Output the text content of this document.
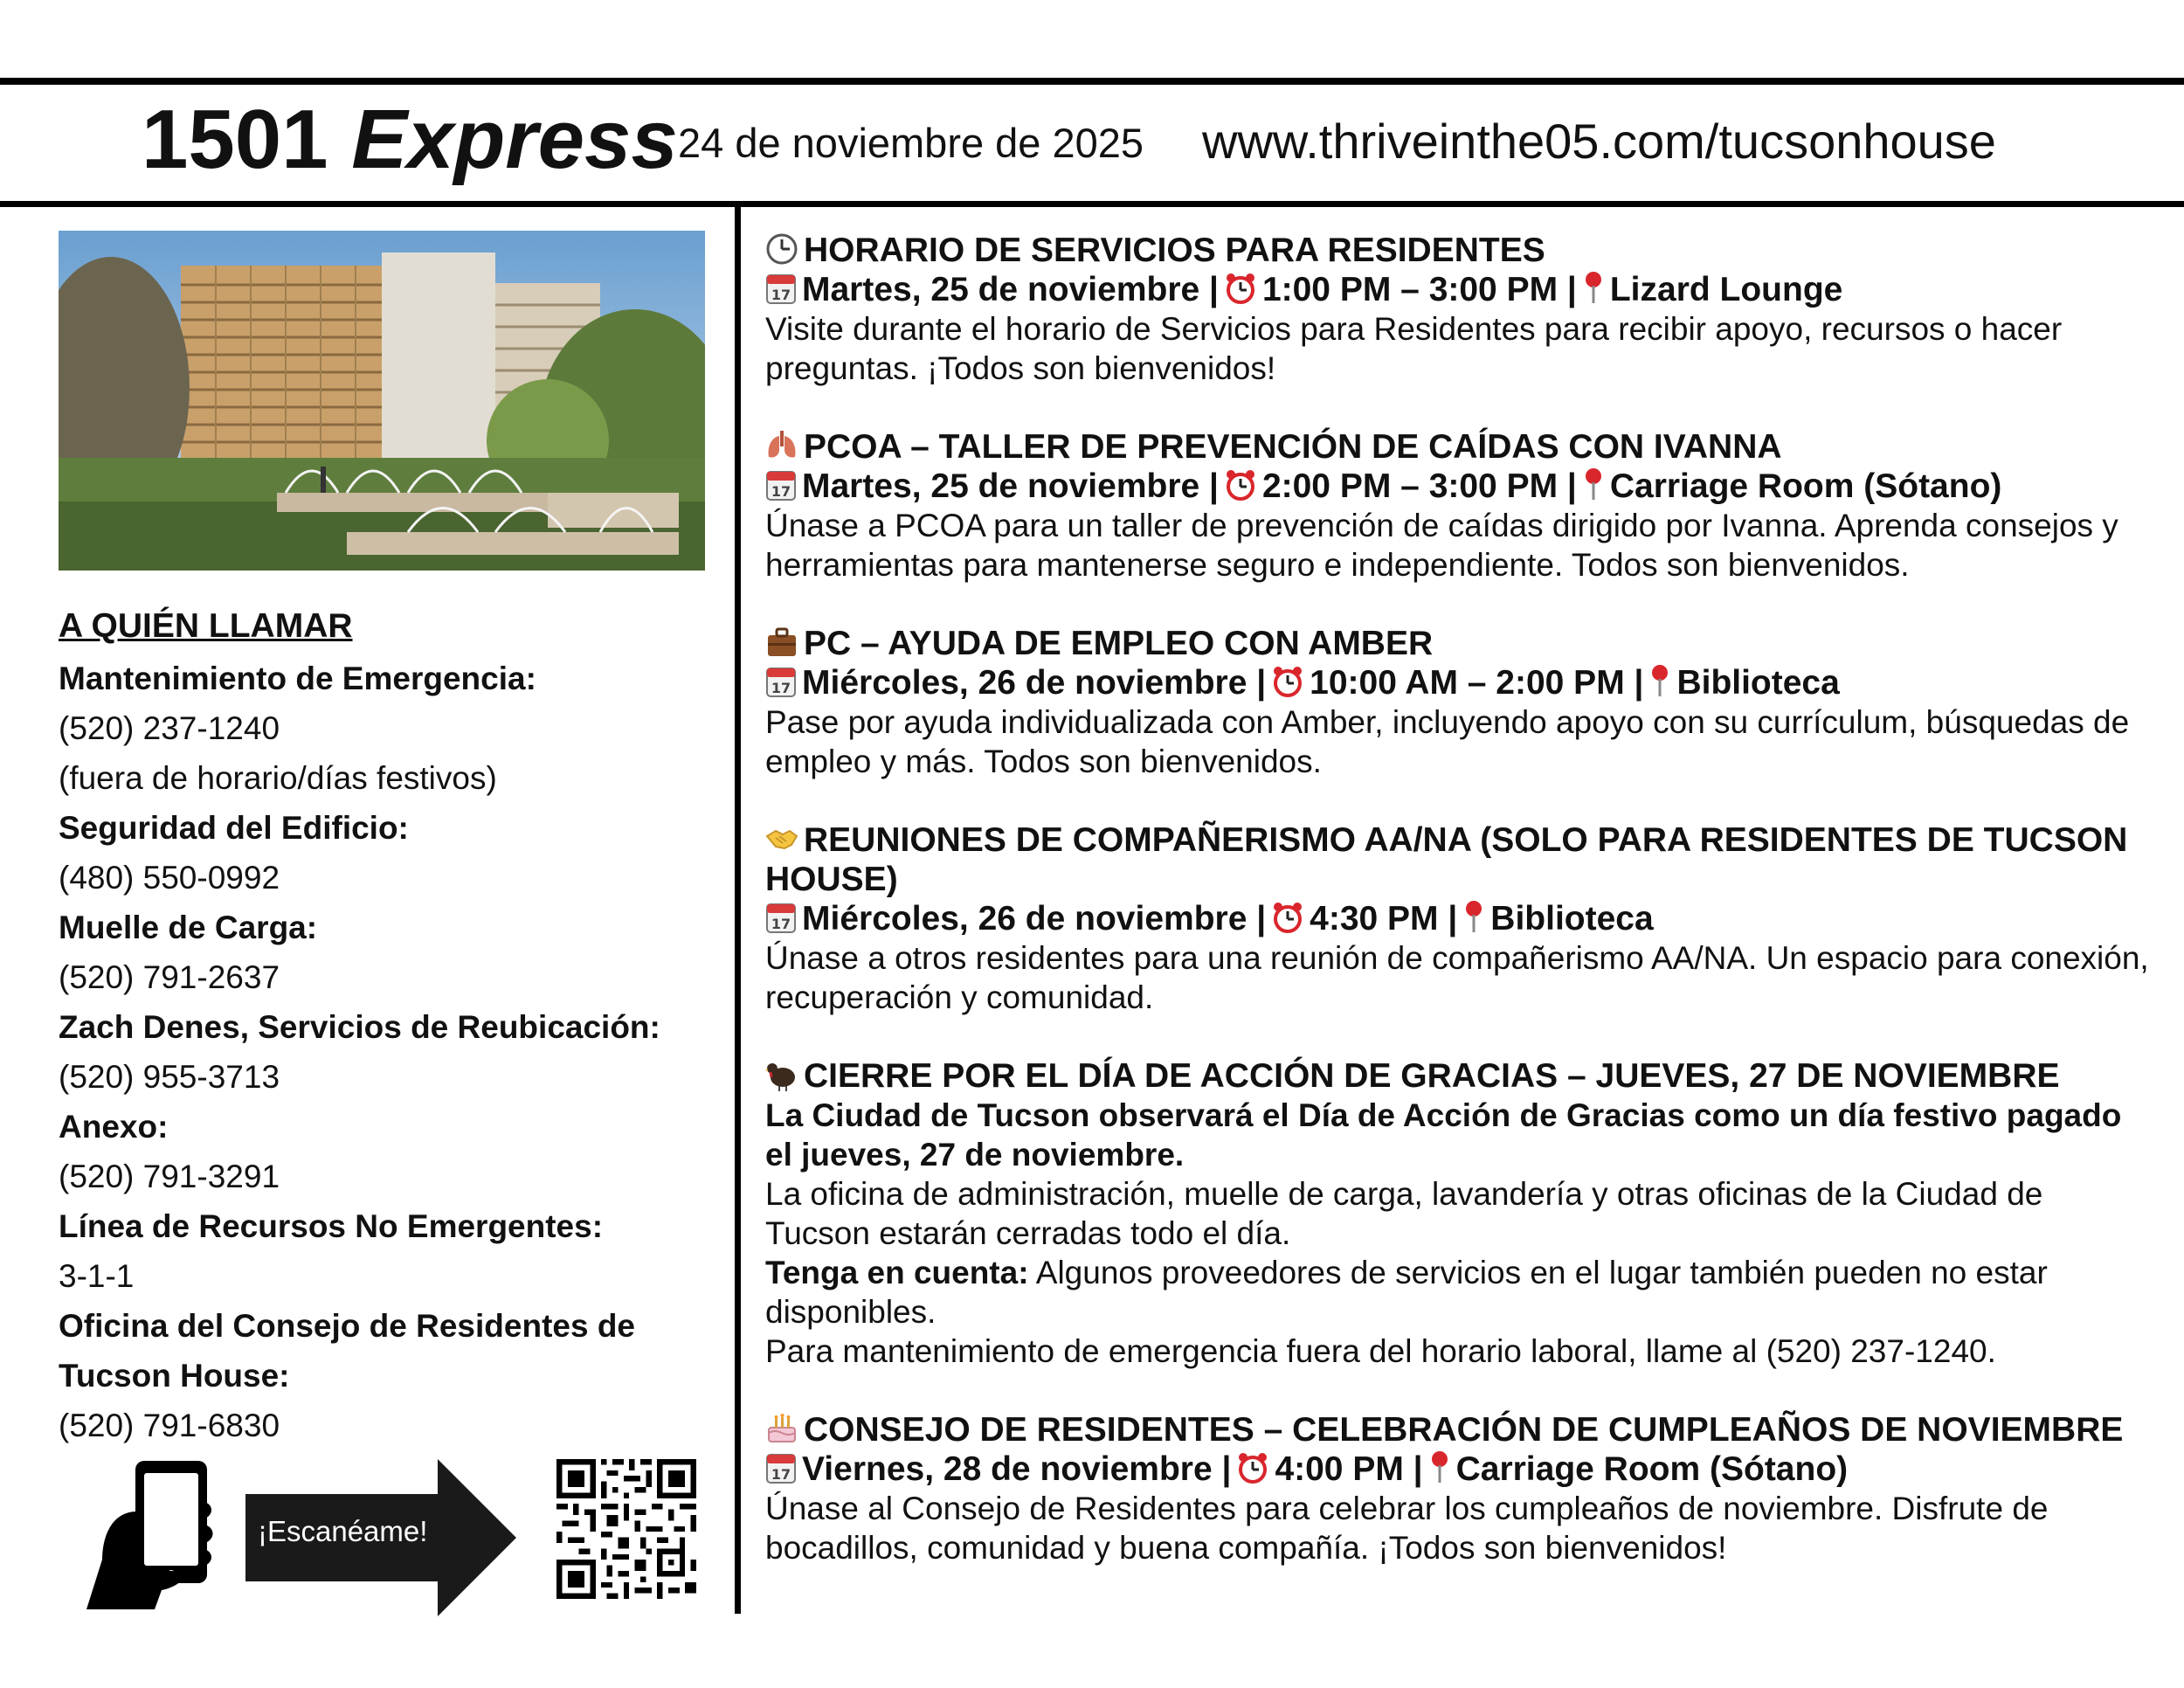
1501 Express 24 de noviembre de 2025 www.thriveinthe05.com/tucsonhouse
A QUIÉN LLAMAR
Mantenimiento de Emergencia:
(520) 237-1240
(fuera de horario/días festivos)
Seguridad del Edificio:
(480) 550-0992
Muelle de Carga:
(520) 791-2637
Zach Denes, Servicios de Reubicación:
(520) 955-3713
Anexo:
(520) 791-3291
Línea de Recursos No Emergentes:
3-1-1
Oficina del Consejo de Residentes de Tucson House:
(520) 791-6830
¡Escanéame!
HORARIO DE SERVICIOS PARA RESIDENTES
17 Martes, 25 de noviembre | 1:00 PM – 3:00 PM | Lizard Lounge
Visite durante el horario de Servicios para Residentes para recibir apoyo, recursos o hacer preguntas. ¡Todos son bienvenidos!
PCOA – TALLER DE PREVENCIÓN DE CAÍDAS CON IVANNA
17 Martes, 25 de noviembre | 2:00 PM – 3:00 PM | Carriage Room (Sótano)
Únase a PCOA para un taller de prevención de caídas dirigido por Ivanna. Aprenda consejos y herramientas para mantenerse seguro e independiente. Todos son bienvenidos.
PC – AYUDA DE EMPLEO CON AMBER
17 Miércoles, 26 de noviembre | 10:00 AM – 2:00 PM | Biblioteca
Pase por ayuda individualizada con Amber, incluyendo apoyo con su currículum, búsquedas de empleo y más. Todos son bienvenidos.
REUNIONES DE COMPAÑERISMO AA/NA (SOLO PARA RESIDENTES DE TUCSON HOUSE)
17 Miércoles, 26 de noviembre | 4:30 PM | Biblioteca
Únase a otros residentes para una reunión de compañerismo AA/NA. Un espacio para conexión, recuperación y comunidad.
CIERRE POR EL DÍA DE ACCIÓN DE GRACIAS – JUEVES, 27 DE NOVIEMBRE
La Ciudad de Tucson observará el Día de Acción de Gracias como un día festivo pagado el jueves, 27 de noviembre.
La oficina de administración, muelle de carga, lavandería y otras oficinas de la Ciudad de Tucson estarán cerradas todo el día.
Tenga en cuenta: Algunos proveedores de servicios en el lugar también pueden no estar disponibles.
Para mantenimiento de emergencia fuera del horario laboral, llame al (520) 237-1240.
CONSEJO DE RESIDENTES – CELEBRACIÓN DE CUMPLEAÑOS DE NOVIEMBRE
17 Viernes, 28 de noviembre | 4:00 PM | Carriage Room (Sótano)
Únase al Consejo de Residentes para celebrar los cumpleaños de noviembre. Disfrute de bocadillos, comunidad y buena compañía. ¡Todos son bienvenidos!
